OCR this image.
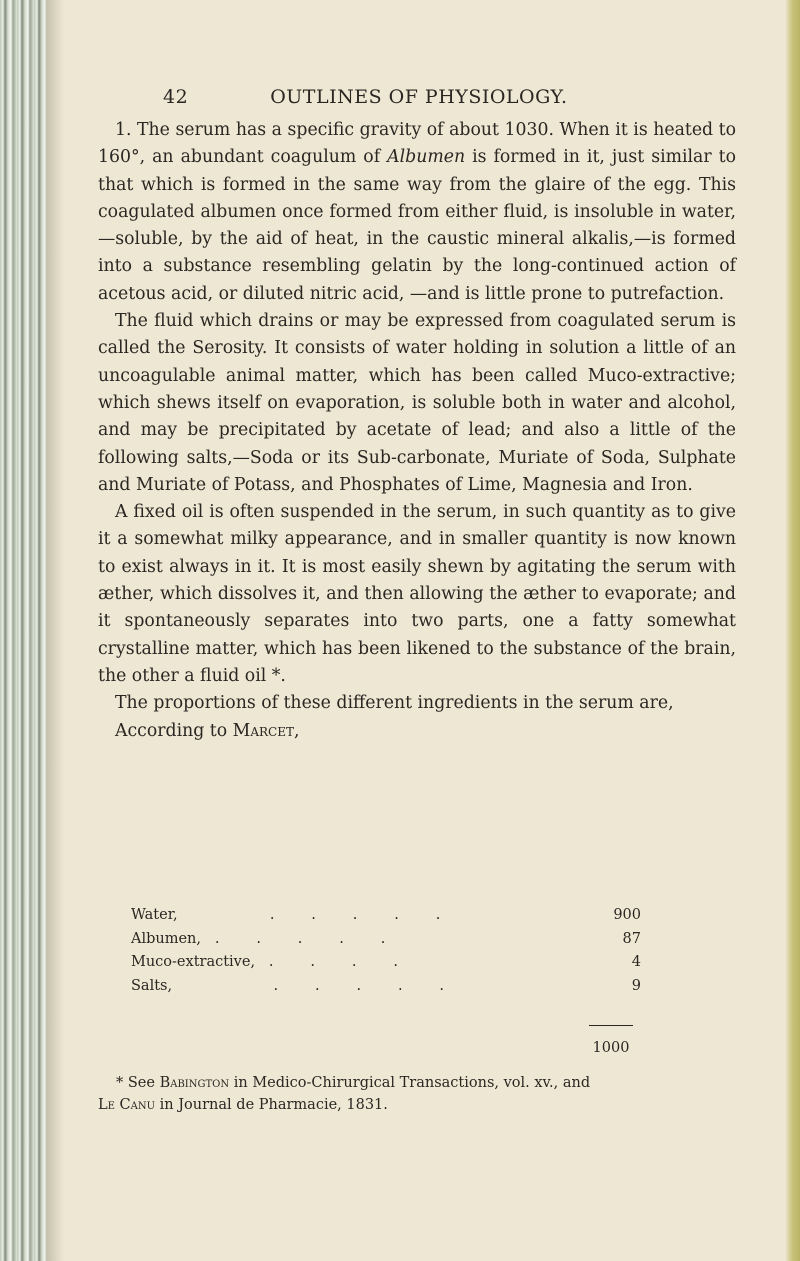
42	OUTLINES OF PHYSIOLOGY.

1. The serum has a specific gravity of about 1030. When it is heated to 160°, an abundant coagulum of Albumen is formed in it, just similar to that which is formed in the same way from the glaire of the egg. This coagulated albumen once formed from either fluid, is insoluble in water, —soluble, by the aid of heat, in the caustic mineral alkalis,—is formed into a substance resembling gelatin by the long-continued action of acetous acid, or diluted nitric acid, —and is little prone to putrefaction.

The fluid which drains or may be expressed from coagulated serum is called the Serosity. It consists of water holding in solution a little of an uncoagulable animal matter, which has been called Muco-extractive; which shews itself on evaporation, is soluble both in water and alcohol, and may be precipitated by acetate of lead; and also a little of the following salts,—Soda or its Sub-carbonate, Muriate of Soda, Sulphate and Muriate of Potass, and Phosphates of Lime, Magnesia and Iron.

A fixed oil is often suspended in the serum, in such quantity as to give it a somewhat milky appearance, and in smaller quantity is now known to exist always in it. It is most easily shewn by agitating the serum with æther, which dissolves it, and then allowing the æther to evaporate; and it spontaneously separates into two parts, one a fatty somewhat crystalline matter, which has been likened to the substance of the brain, the other a fluid oil *.

The proportions of these different ingredients in the serum are,

According to Marcet,

Water,                    .        .        .        .        .	900
Albumen,   .        .        .        .        .	87
Muco-extractive,   .        .        .        .	4
Salts,                      .        .        .        .        .	9
1000
* See Babington in Medico-Chirurgical Transactions, vol. xv., and
Le Canu in Journal de Pharmacie, 1831.
